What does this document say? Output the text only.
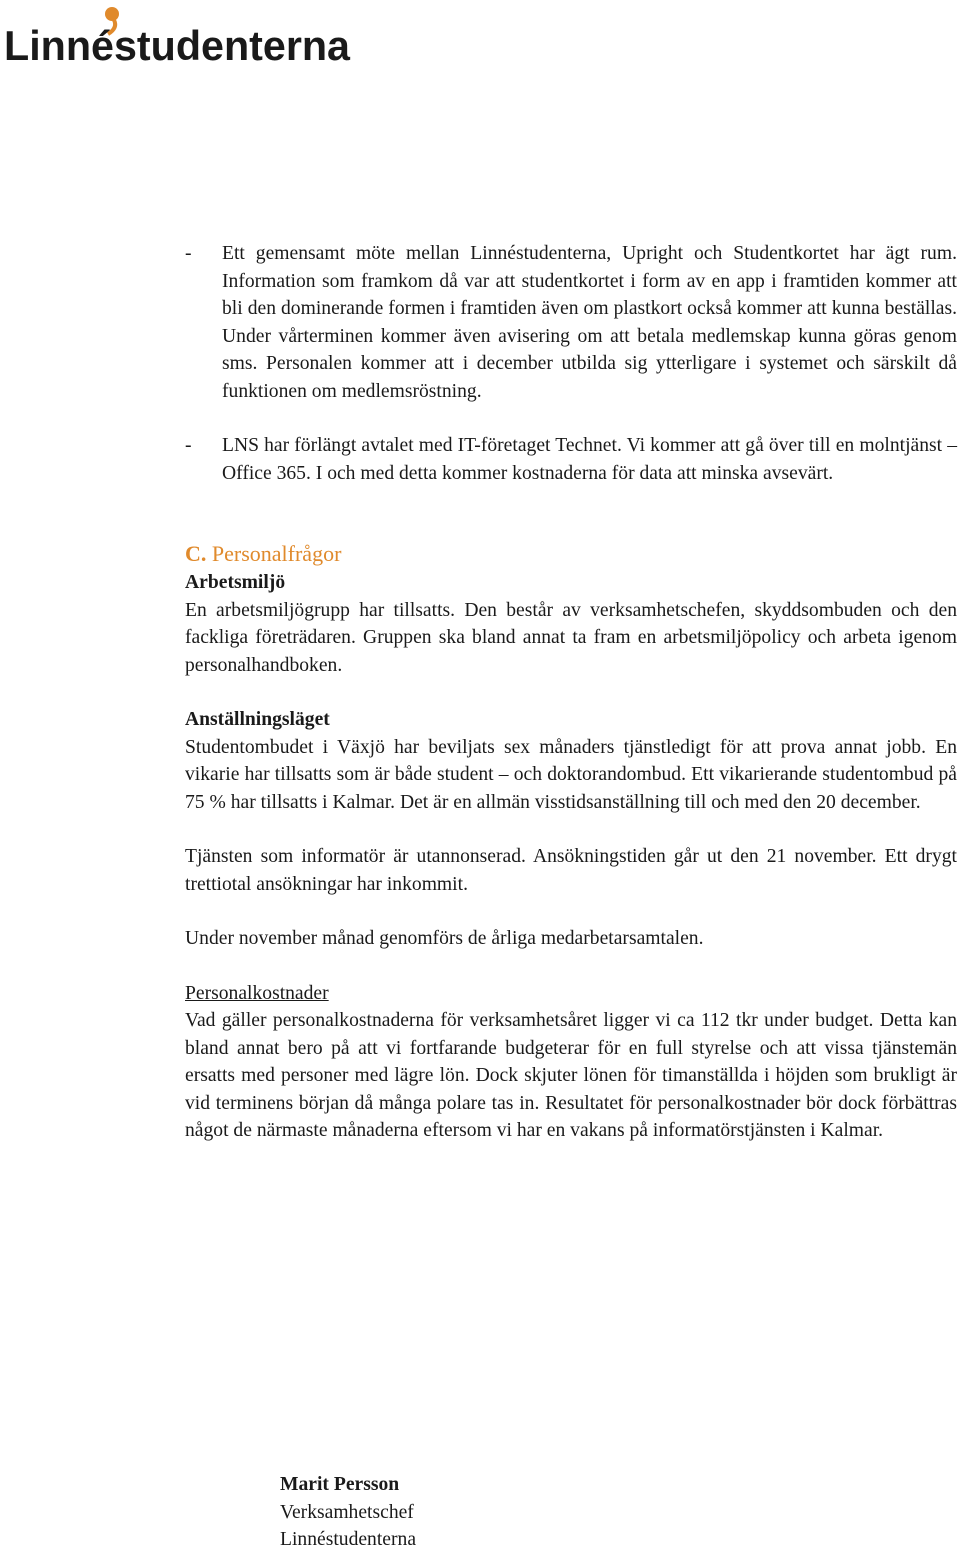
Linnéstudenterna
- Ett gemensamt möte mellan Linnéstudenterna, Upright och Studentkortet har ägt rum. Information som framkom då var att studentkortet i form av en app i framtiden kommer att bli den dominerande formen i framtiden även om plastkort också kommer att kunna beställas. Under vårterminen kommer även avisering om att betala medlemskap kunna göras genom sms. Personalen kommer att i december utbilda sig ytterligare i systemet och särskilt då funktionen om medlemsröstning.
- LNS har förlängt avtalet med IT-företaget Technet. Vi kommer att gå över till en molntjänst – Office 365. I och med detta kommer kostnaderna för data att minska avsevärt.

C. Personalfrågor

Arbetsmiljö

En arbetsmiljögrupp har tillsatts. Den består av verksamhetschefen, skyddsombuden och den fackliga företrädaren. Gruppen ska bland annat ta fram en arbetsmiljöpolicy och arbeta igenom personalhandboken.

Anställningsläget

Studentombudet i Växjö har beviljats sex månaders tjänstledigt för att prova annat jobb. En vikarie har tillsatts som är både student – och doktorandombud. Ett vikarierande studentombud på 75 % har tillsatts i Kalmar. Det är en allmän visstidsanställning till och med den 20 december.

Tjänsten som informatör är utannonserad. Ansökningstiden går ut den 21 november. Ett drygt trettiotal ansökningar har inkommit.

Under november månad genomförs de årliga medarbetarsamtalen.

Personalkostnader

Vad gäller personalkostnaderna för verksamhetsåret ligger vi ca 112 tkr under budget. Detta kan bland annat bero på att vi fortfarande budgeterar för en full styrelse och att vissa tjänstemän ersatts med personer med lägre lön. Dock skjuter lönen för timanställda i höjden som brukligt är vid terminens början då många polare tas in. Resultatet för personalkostnader bör dock förbättras något de närmaste månaderna eftersom vi har en vakans på informatörstjänsten i Kalmar.

Marit Persson
Verksamhetschef
Linnéstudenterna
